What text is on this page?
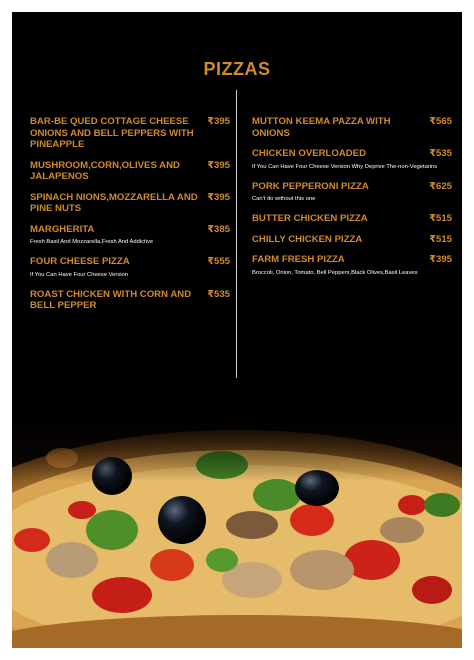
PIZZAS
BAR-BE QUED COTTAGE CHEESE ONIONS AND BELL PEPPERS WITH PINEAPPLE
₹395
MUSHROOM,CORN,OLIVES AND JALAPENOS
₹395
SPINACH NIONS,MOZZARELLA AND PINE NUTS
₹395
MARGHERITA	₹385
Fresh Basil And Mozzarella,Fresh And Addictive
FOUR CHEESE PIZZA	₹555
If You Can Have Four Cheese Version
ROAST CHICKEN WITH CORN AND BELL PEPPER
₹535
MUTTON KEEMA PAZZA WITH ONIONS
₹565
CHICKEN OVERLOADED	₹535
If You Can Have Four Cheese Version Why Deprive The-non-Vegetarins
PORK PEPPERONI PIZZA	₹625
Can't do without this one
BUTTER CHICKEN PIZZA	₹515
CHILLY CHICKEN PIZZA	₹515
FARM FRESH PIZZA	₹395
Broccoli, Onion, Tomato, Bell Peppers,Black Olives,Basil Leaves
